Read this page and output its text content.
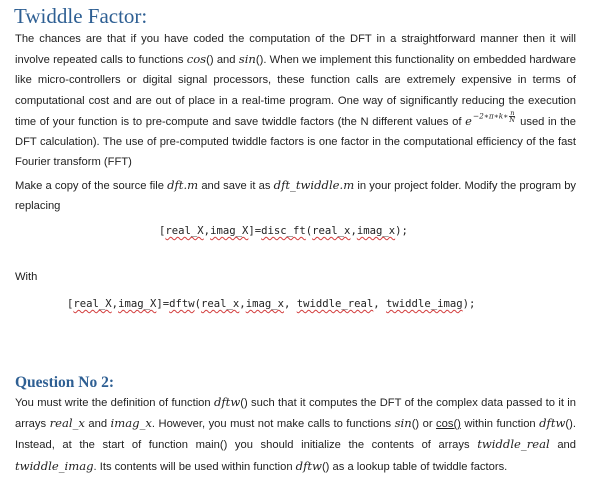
Twiddle Factor:

The chances are that if you have coded the computation of the DFT in a straightforward manner then it will involve repeated calls to functions cos() and sin(). When we implement this functionality on embedded hardware like micro-controllers or digital signal processors, these function calls are extremely expensive in terms of computational cost and are out of place in a real-time program. One way of significantly reducing the execution time of your function is to pre-compute and save twiddle factors (the N different values of e−2∗π∗k∗ $\frac{n}{N}$ used in the DFT calculation). The use of pre-computed twiddle factors is one factor in the computational efficiency of the fast Fourier transform (FFT)

Make a copy of the source file dft.m and save it as dft_twiddle.m in your project folder. Modify the program by replacing

[real_X,imag_X]=disc_ft(real_x,imag_x);

With

[real_X,imag_X]=dftw(real_x,imag_x, twiddle_real, twiddle_imag);

Question No 2:

You must write the definition of function dftw() such that it computes the DFT of the complex data passed to it in arrays real_x and imag_x. However, you must not make calls to functions sin() or cos() within function dftw(). Instead, at the start of function main() you should initialize the contents of arrays twiddle_real and twiddle_imag. Its contents will be used within function dftw() as a lookup table of twiddle factors.
